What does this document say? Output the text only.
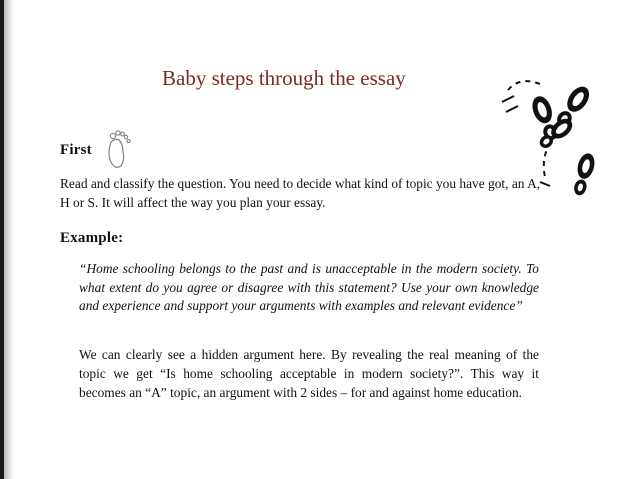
Baby steps through the essay
First
Read and classify the question. You need to decide what kind of topic you have got, an A, H or S. It will affect the way you plan your essay.
Example:
“Home schooling belongs to the past and is unacceptable in the modern society. To what extent do you agree or disagree with this statement? Use your own knowledge and experience and support your arguments with examples and relevant evidence”
We can clearly see a hidden argument here. By revealing the real meaning of the topic we get “Is home schooling acceptable in modern society?”. This way it becomes an “A” topic, an argument with 2 sides – for and against home education.
